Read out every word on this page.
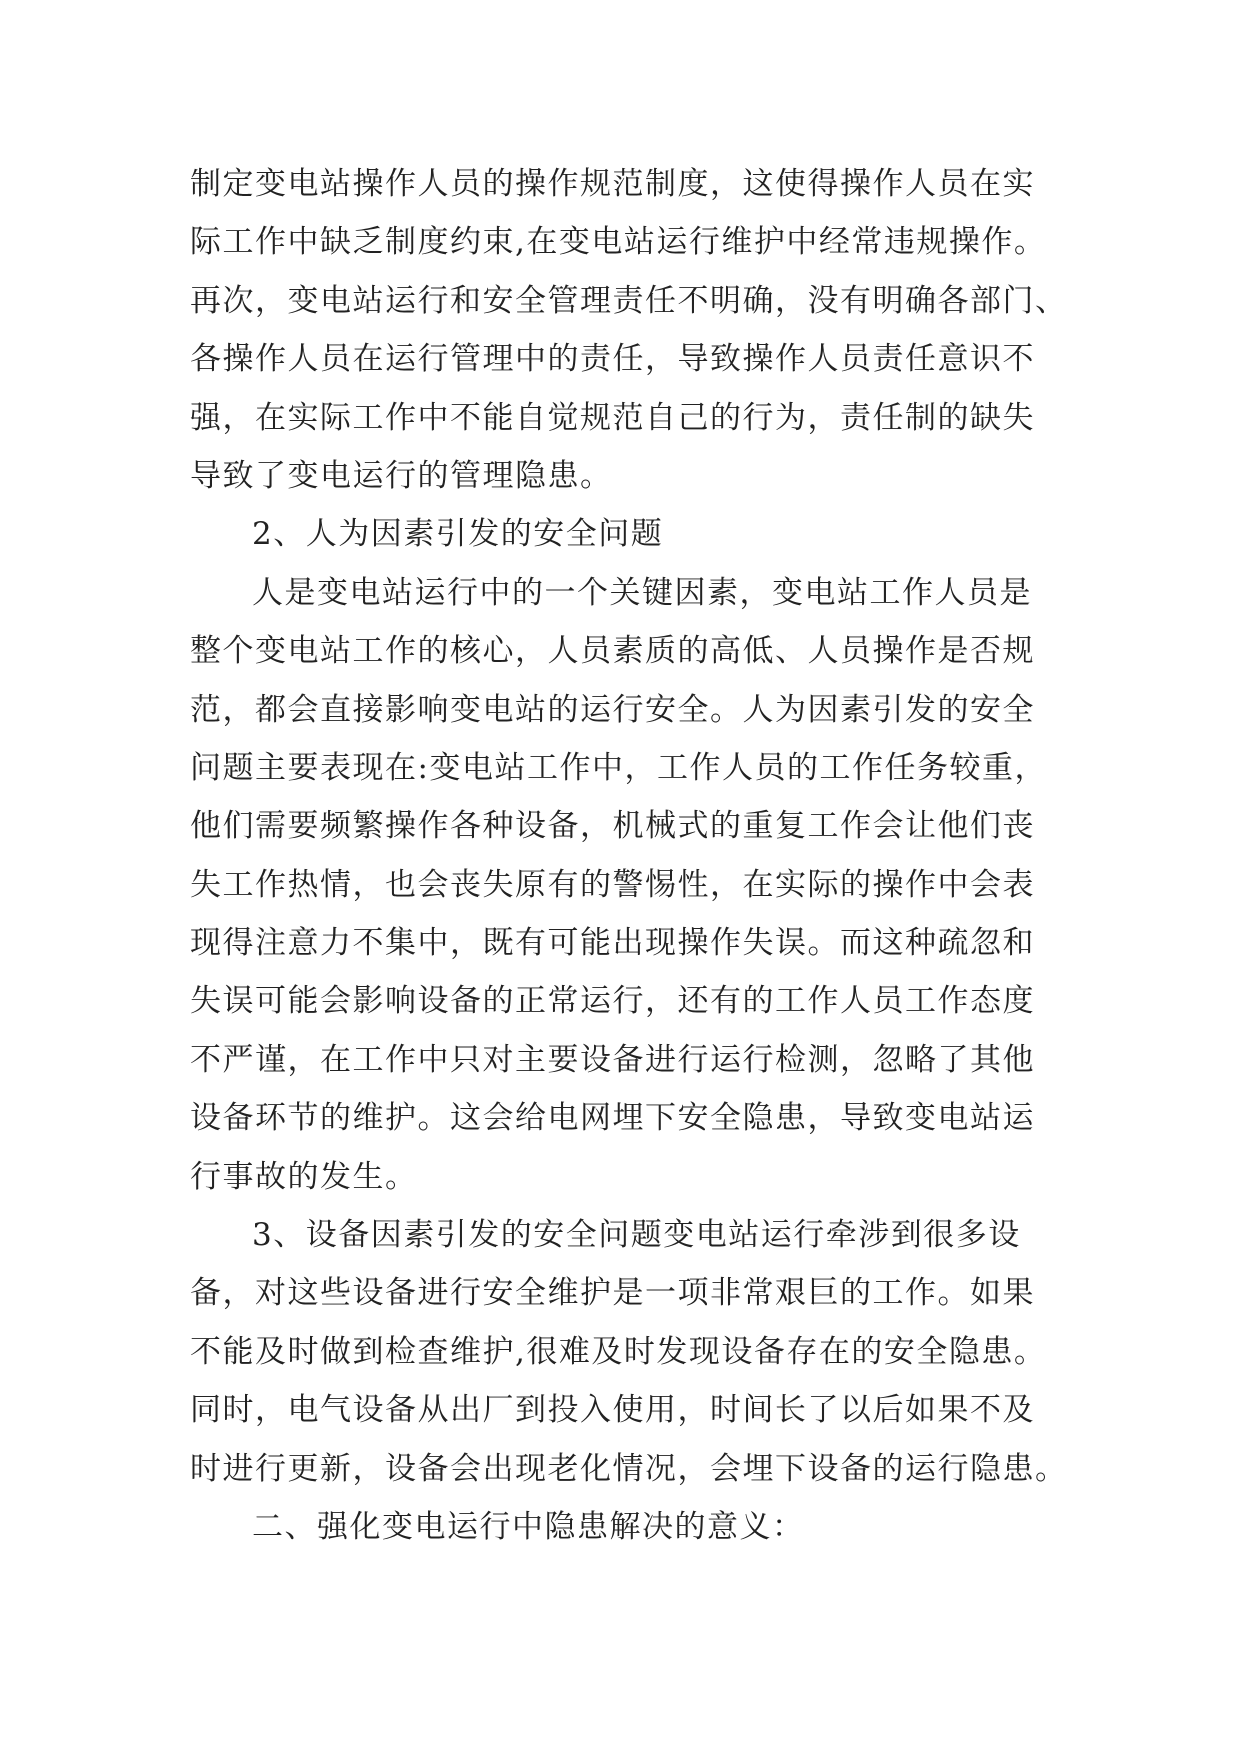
制定变电站操作人员的操作规范制度，这使得操作人员在实
际工作中缺乏制度约束,在变电站运行维护中经常违规操作。
再次，变电站运行和安全管理责任不明确，没有明确各部门、
各操作人员在运行管理中的责任，导致操作人员责任意识不
强，在实际工作中不能自觉规范自己的行为，责任制的缺失
导致了变电运行的管理隐患。
2、人为因素引发的安全问题
人是变电站运行中的一个关键因素，变电站工作人员是
整个变电站工作的核心，人员素质的高低、人员操作是否规
范，都会直接影响变电站的运行安全。人为因素引发的安全
问题主要表现在:变电站工作中，工作人员的工作任务较重，
他们需要频繁操作各种设备，机械式的重复工作会让他们丧
失工作热情，也会丧失原有的警惕性，在实际的操作中会表
现得注意力不集中，既有可能出现操作失误。而这种疏忽和
失误可能会影响设备的正常运行，还有的工作人员工作态度
不严谨，在工作中只对主要设备进行运行检测，忽略了其他
设备环节的维护。这会给电网埋下安全隐患，导致变电站运
行事故的发生。
3、设备因素引发的安全问题变电站运行牵涉到很多设
备，对这些设备进行安全维护是一项非常艰巨的工作。如果
不能及时做到检查维护,很难及时发现设备存在的安全隐患。
同时，电气设备从出厂到投入使用，时间长了以后如果不及
时进行更新，设备会出现老化情况，会埋下设备的运行隐患。
二、强化变电运行中隐患解决的意义：
